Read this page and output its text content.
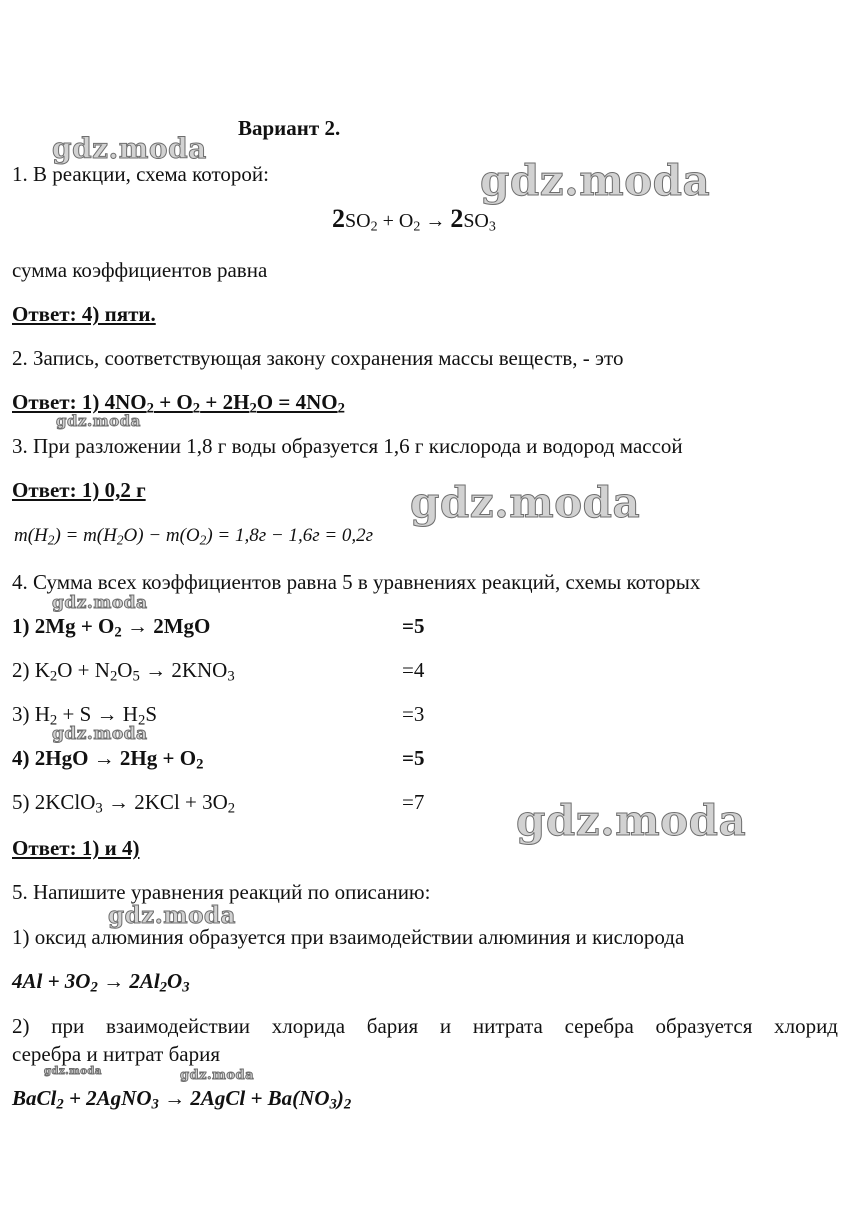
gdz.moda
gdz.moda
gdz.moda
gdz.moda
gdz.moda
gdz.moda
gdz.moda
gdz.moda
gdz.moda	gdz.moda
Вариант 2.
1. В реакции, схема которой:
$2SO_2 + O_2 \to 2SO_3$
сумма коэффициентов равна
Ответ: 4) пяти.
2. Запись, соответствующая закону сохранения массы веществ, - это
Ответ: 1) $4NO_2 + O_2 + 2H_2O = 4NO_2$
3. При разложении 1,8 г воды образуется 1,6 г кислорода и водород массой
Ответ: 1) 0,2 г
$m(H_2) = m(H_2O) - m(O_2) = 1,8г - 1,6г = 0,2г$
4. Сумма всех коэффициентов равна 5 в уравнениях реакций, схемы которых
1) $2Mg + O_2 \to 2MgO$	=5
2) $K_2O + N_2O_5 \to 2KNO_3$	=4
3) $H_2 + S \to H_2S$	=3
4) $2HgO \to 2Hg + O_2$	=5
5) 2KClO$_3$ → $2KCl + 3O_2$	=7
Ответ: 1) и 4)
5. Напишите уравнения реакций по описанию:
1) оксид алюминия образуется при взаимодействии алюминия и кислорода
$4Al + 3O_2 \to 2Al_2O_3$
2) при взаимодействии хлорида бария и нитрата серебра образуется хлорид
серебра и нитрат бария
BaCl$_2$ + 2AgNO$_3$ → 2AgCl + $Ba(NO_3)_2$
